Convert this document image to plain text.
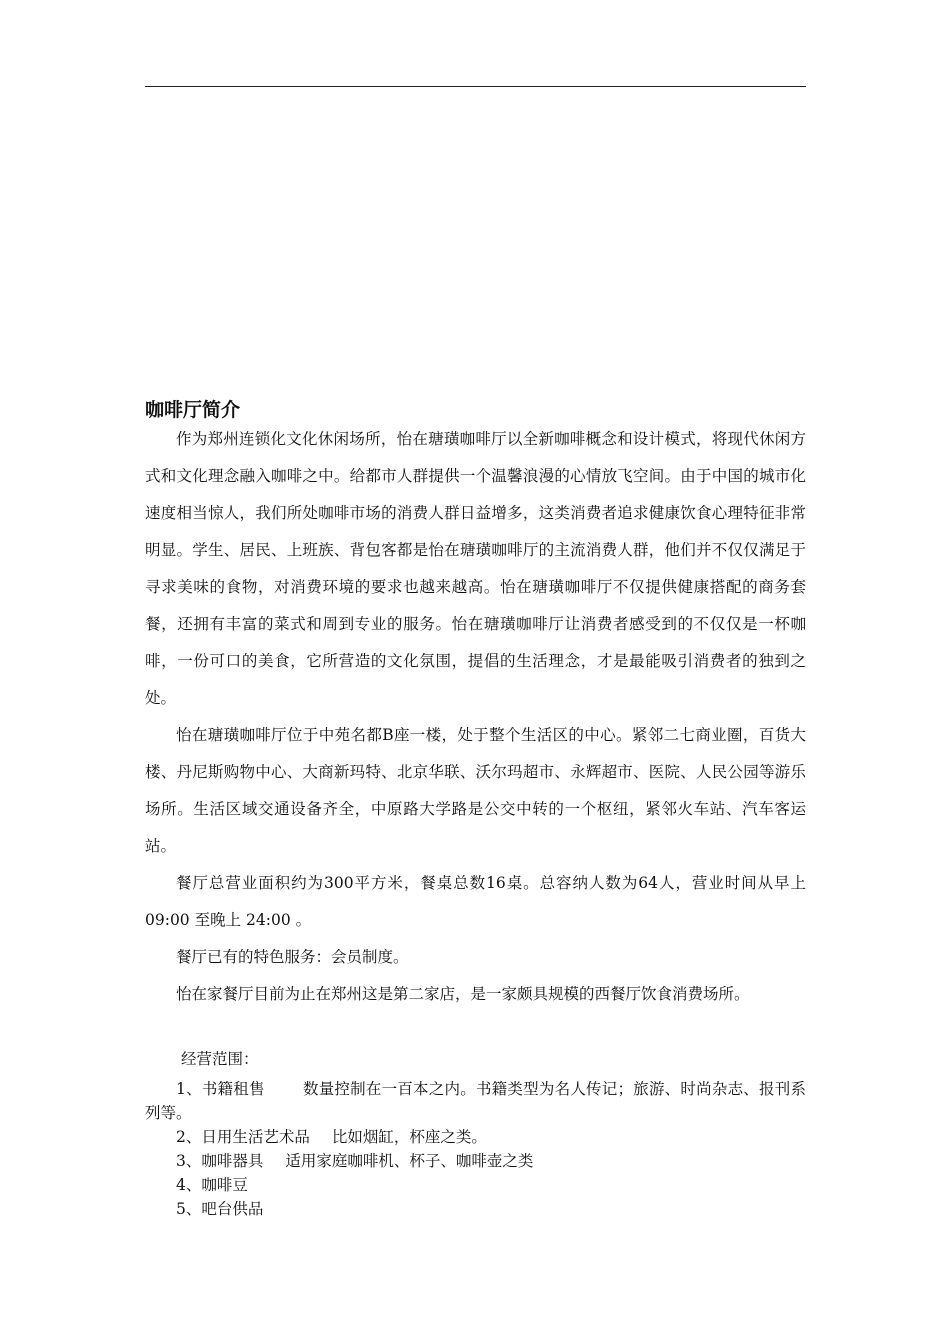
咖啡厅简介

作为郑州连锁化文化休闲场所，怡在瑭璜咖啡厅以全新咖啡概念和设计模式，将现代休闲方式和文化理念融入咖啡之中。给都市人群提供一个温馨浪漫的心情放飞空间。由于中国的城市化速度相当惊人，我们所处咖啡市场的消费人群日益增多，这类消费者追求健康饮食心理特征非常明显。学生、居民、上班族、背包客都是怡在瑭璜咖啡厅的主流消费人群，他们并不仅仅满足于寻求美味的食物，对消费环境的要求也越来越高。怡在瑭璜咖啡厅不仅提供健康搭配的商务套餐，还拥有丰富的菜式和周到专业的服务。怡在瑭璜咖啡厅让消费者感受到的不仅仅是一杯咖啡，一份可口的美食，它所营造的文化氛围，提倡的生活理念，才是最能吸引消费者的独到之处。

怡在瑭璜咖啡厅位于中苑名都B座一楼，处于整个生活区的中心。紧邻二七商业圈，百货大楼、丹尼斯购物中心、大商新玛特、北京华联、沃尔玛超市、永辉超市、医院、人民公园等游乐场所。生活区域交通设备齐全，中原路大学路是公交中转的一个枢纽，紧邻火车站、汽车客运站。

餐厅总营业面积约为300平方米，餐桌总数16桌。总容纳人数为64人，营业时间从早上09:00 至晚上 24:00 。

餐厅已有的特色服务：会员制度。

怡在家餐厅目前为止在郑州这是第二家店，是一家颇具规模的西餐厅饮食消费场所。

经营范围：

1、书籍租售 数量控制在一百本之内。书籍类型为名人传记；旅游、时尚杂志、报刊系列等。

2、日用生活艺术品 比如烟缸，杯座之类。

3、咖啡器具 适用家庭咖啡机、杯子、咖啡壶之类

4、咖啡豆

5、吧台供品
